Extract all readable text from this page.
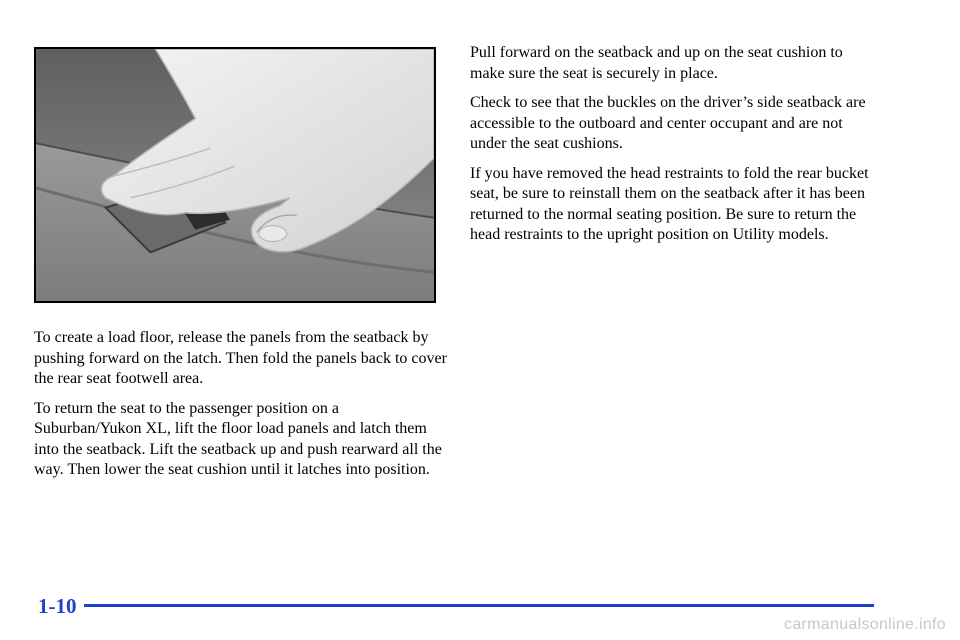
To create a load floor, release the panels from the seatback by pushing forward on the latch. Then fold the panels back to cover the rear seat footwell area.

To return the seat to the passenger position on a Suburban/Yukon XL, lift the floor load panels and latch them into the seatback. Lift the seatback up and push rearward all the way. Then lower the seat cushion until it latches into position.

Pull forward on the seatback and up on the seat cushion to make sure the seat is securely in place.

Check to see that the buckles on the driver’s side seatback are accessible to the outboard and center occupant and are not under the seat cushions.

If you have removed the head restraints to fold the rear bucket seat, be sure to reinstall them on the seatback after it has been returned to the normal seating position. Be sure to return the head restraints to the upright position on Utility models.

1-10
carmanualsonline.info
